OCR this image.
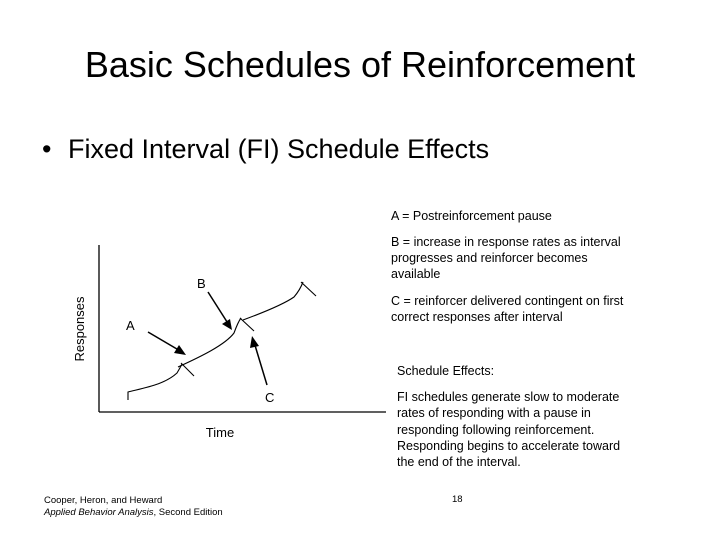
Basic Schedules of Reinforcement
• Fixed Interval (FI) Schedule Effects
Responses
Time
A
B
C
A = Postreinforcement pause
B = increase in response rates as interval progresses and reinforcer becomes available
C = reinforcer delivered contingent on first correct responses after interval
Schedule Effects:
FI schedules generate slow to moderate rates of responding with a pause in responding following reinforcement. Responding begins to accelerate toward the end of the interval.
Cooper, Heron, and Heward
Applied Behavior Analysis, Second Edition
18
